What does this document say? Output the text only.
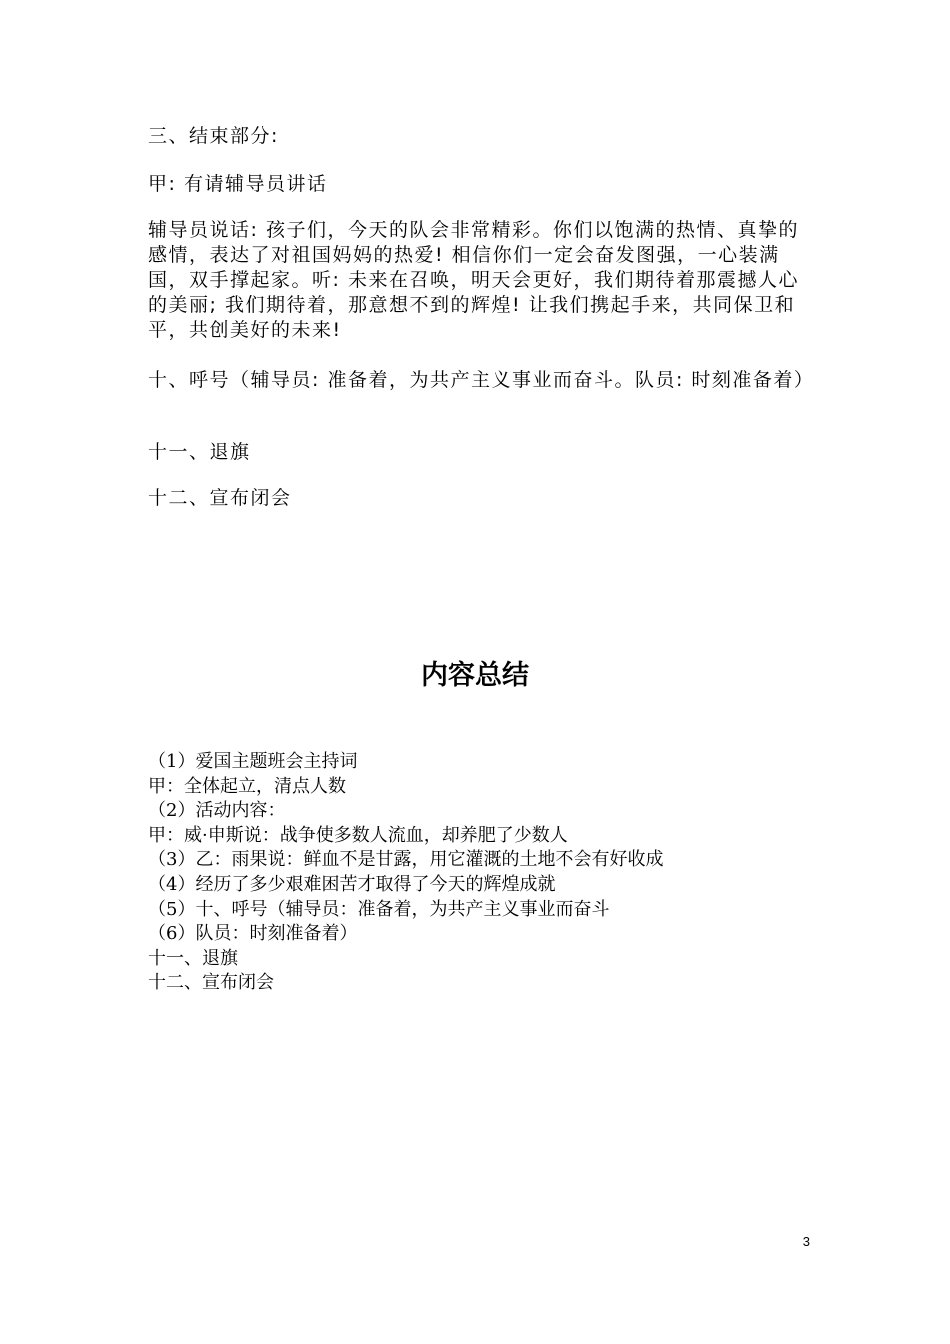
三、结束部分:

甲: 有请辅导员讲话

辅导员说话: 孩子们，今天的队会非常精彩。你们以饱满的热情、真挚的感情，表达了对祖国妈妈的热爱! 相信你们一定会奋发图强，一心装满国，双手撑起家。听: 未来在召唤，明天会更好，我们期待着那震撼人心的美丽; 我们期待着，那意想不到的辉煌! 让我们携起手来，共同保卫和平，共创美好的未来!

十、呼号（辅导员: 准备着，为共产主义事业而奋斗。队员: 时刻准备着）

十一、退旗

十二、宣布闭会

内容总结
（1）爱国主题班会主持词
甲：全体起立，清点人数
（2）活动内容：
甲：威·申斯说：战争使多数人流血，却养肥了少数人
（3）乙：雨果说：鲜血不是甘露，用它灌溉的土地不会有好收成
（4）经历了多少艰难困苦才取得了今天的辉煌成就
（5）十、呼号（辅导员：准备着，为共产主义事业而奋斗
（6）队员：时刻准备着）
十一、退旗
十二、宣布闭会
3
